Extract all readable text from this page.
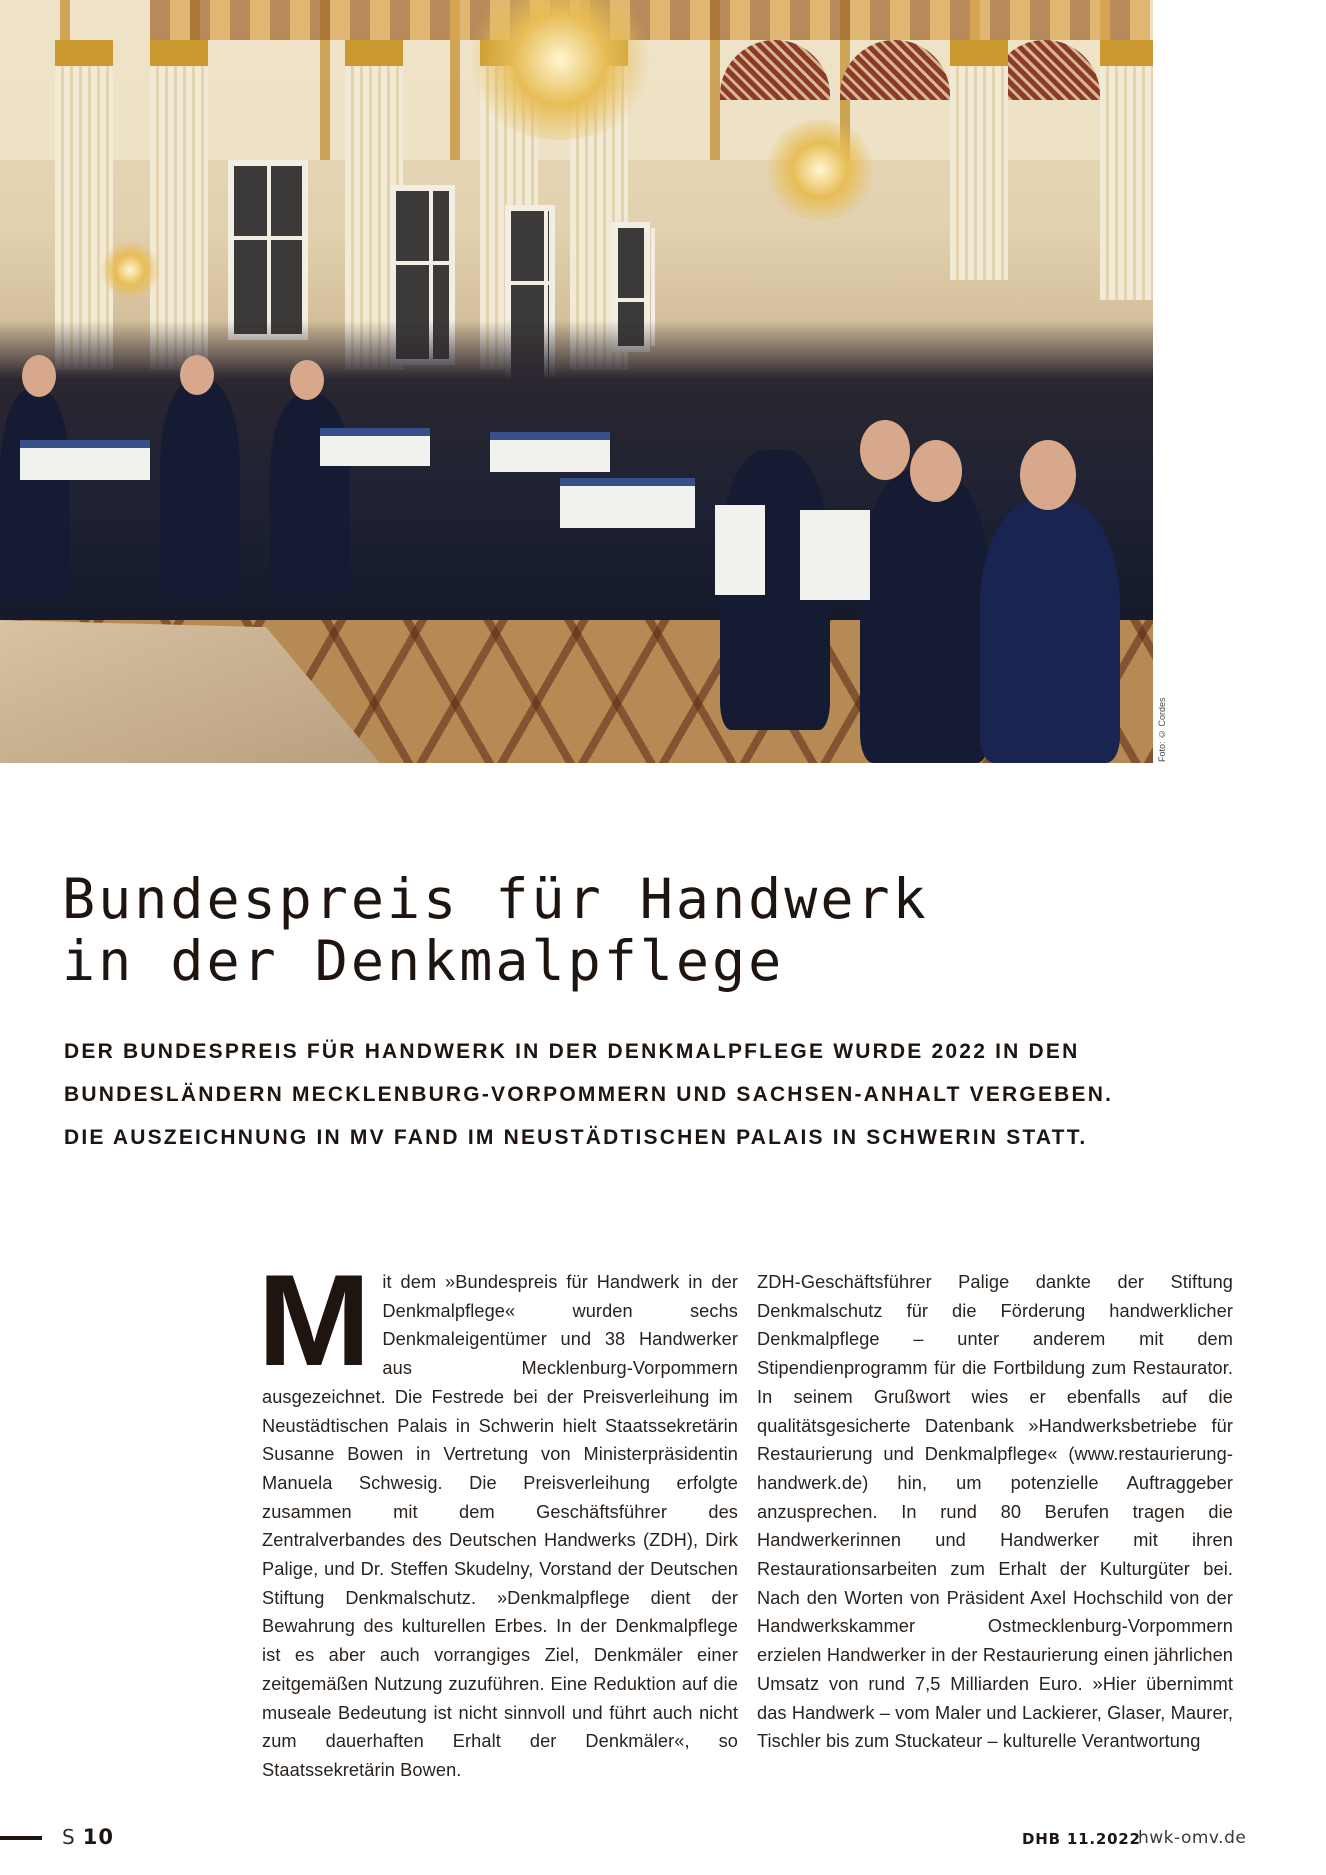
Foto: © Cordes
Bundespreis für Handwerk
in der Denkmalpflege

DER BUNDESPREIS FÜR HANDWERK IN DER DENKMALPFLEGE WURDE 2022 IN DEN BUNDESLÄNDERN MECKLENBURG-VORPOMMERN UND SACHSEN-ANHALT VERGEBEN. DIE AUSZEICHNUNG IN MV FAND IM NEUSTÄDTISCHEN PALAIS IN SCHWERIN STATT.

Mit dem »Bundespreis für Handwerk in der Denkmalpflege« wurden sechs Denkmaleigentümer und 38 Handwerker aus Mecklenburg-Vorpommern ausgezeichnet. Die Festrede bei der Preisverleihung im Neustädtischen Palais in Schwerin hielt Staatssekretärin Susanne Bowen in Vertretung von Ministerpräsidentin Manuela Schwesig. Die Preisverleihung erfolgte zusammen mit dem Geschäftsführer des Zentralverbandes des Deutschen Handwerks (ZDH), Dirk Palige, und Dr. Steffen Skudelny, Vorstand der Deutschen Stiftung Denkmalschutz. »Denkmalpflege dient der Bewahrung des kulturellen Erbes. In der Denkmalpflege ist es aber auch vorrangiges Ziel, Denkmäler einer zeitgemäßen Nutzung zuzuführen. Eine Reduktion auf die museale Bedeutung ist nicht sinnvoll und führt auch nicht zum dauerhaften Erhalt der Denkmäler«, so Staatssekretärin Bowen.
ZDH-Geschäftsführer Palige dankte der Stiftung Denkmalschutz für die Förderung handwerklicher Denkmalpflege – unter anderem mit dem Stipendienprogramm für die Fortbildung zum Restaurator. In seinem Grußwort wies er ebenfalls auf die qualitätsgesicherte Datenbank »Handwerksbetriebe für Restaurierung und Denkmalpflege« (www.restaurierung-handwerk.de) hin, um potenzielle Auftraggeber anzusprechen. In rund 80 Berufen tragen die Handwerkerinnen und Handwerker mit ihren Restaurationsarbeiten zum Erhalt der Kulturgüter bei. Nach den Worten von Präsident Axel Hochschild von der Handwerkskammer Ostmecklenburg-Vorpommern erzielen Handwerker in der Restaurierung einen jährlichen Umsatz von rund 7,5 Milliarden Euro. »Hier übernimmt das Handwerk – vom Maler und Lackierer, Glaser, Maurer, Tischler bis zum Stuckateur – kulturelle Verantwortung
S 10	DHB 11.2022
hwk-omv.de
